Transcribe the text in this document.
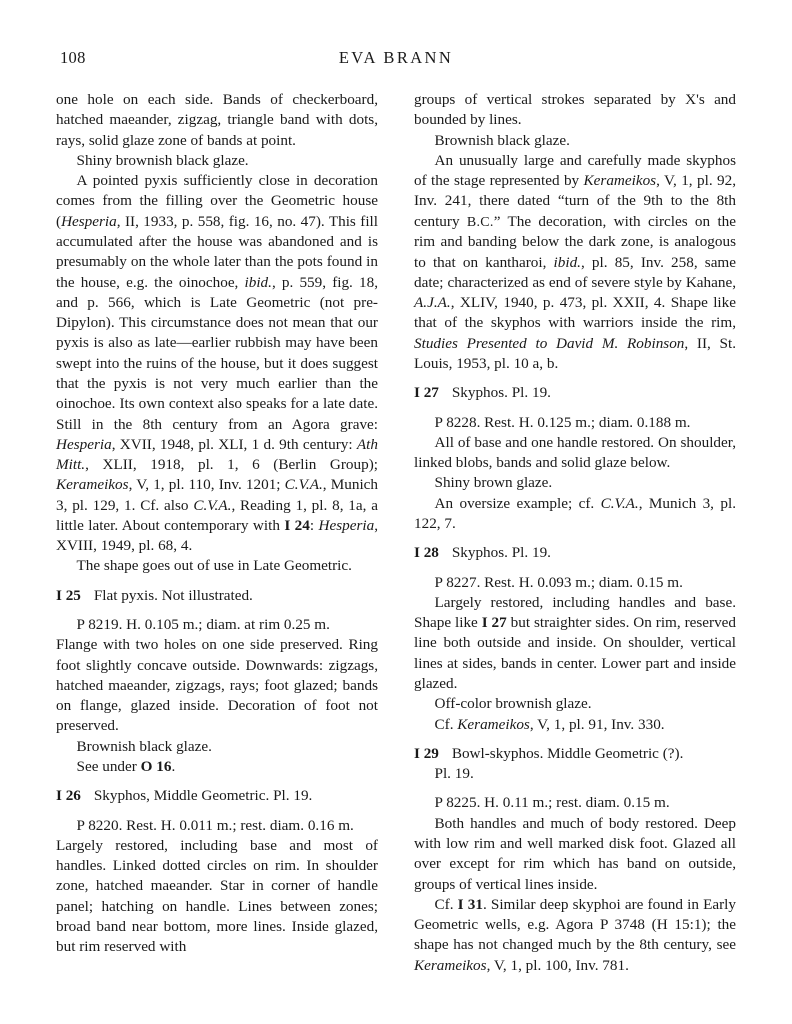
108	EVA BRANN

one hole on each side. Bands of checkerboard, hatched maeander, zigzag, triangle band with dots, rays, solid glaze zone of bands at point.

Shiny brownish black glaze.

A pointed pyxis sufficiently close in decoration comes from the filling over the Geometric house (Hesperia, II, 1933, p. 558, fig. 16, no. 47). This fill accumulated after the house was abandoned and is presumably on the whole later than the pots found in the house, e.g. the oinochoe, ibid., p. 559, fig. 18, and p. 566, which is Late Geometric (not pre-Dipylon). This circumstance does not mean that our pyxis is also as late—earlier rubbish may have been swept into the ruins of the house, but it does suggest that the pyxis is not very much earlier than the oinochoe. Its own context also speaks for a late date. Still in the 8th century from an Agora grave: Hesperia, XVII, 1948, pl. XLI, 1 d. 9th century: Ath Mitt., XLII, 1918, pl. 1, 6 (Berlin Group); Kerameikos, V, 1, pl. 110, Inv. 1201; C.V.A., Munich 3, pl. 129, 1. Cf. also C.V.A., Reading 1, pl. 8, 1a, a little later. About contemporary with I 24: Hesperia, XVIII, 1949, pl. 68, 4.

The shape goes out of use in Late Geometric.

I 25  Flat pyxis. Not illustrated.

P 8219. H. 0.105 m.; diam. at rim 0.25 m.

Flange with two holes on one side preserved. Ring foot slightly concave outside. Downwards: zigzags, hatched maeander, zigzags, rays; foot glazed; bands on flange, glazed inside. Decoration of foot not preserved.

Brownish black glaze.

See under O 16.

I 26  Skyphos, Middle Geometric. Pl. 19.

P 8220. Rest. H. 0.011 m.; rest. diam. 0.16 m.

Largely restored, including base and most of handles. Linked dotted circles on rim. In shoulder zone, hatched maeander. Star in corner of handle panel; hatching on handle. Lines between zones; broad band near bottom, more lines. Inside glazed, but rim reserved with

groups of vertical strokes separated by X's and bounded by lines.

Brownish black glaze.

An unusually large and carefully made skyphos of the stage represented by Kerameikos, V, 1, pl. 92, Inv. 241, there dated “turn of the 9th to the 8th century B.C.” The decoration, with circles on the rim and banding below the dark zone, is analogous to that on kantharoi, ibid., pl. 85, Inv. 258, same date; characterized as end of severe style by Kahane, A.J.A., XLIV, 1940, p. 473, pl. XXII, 4. Shape like that of the skyphos with warriors inside the rim, Studies Presented to David M. Robinson, II, St. Louis, 1953, pl. 10 a, b.

I 27  Skyphos. Pl. 19.

P 8228. Rest. H. 0.125 m.; diam. 0.188 m.

All of base and one handle restored. On shoulder, linked blobs, bands and solid glaze below.

Shiny brown glaze.

An oversize example; cf. C.V.A., Munich 3, pl. 122, 7.

I 28  Skyphos. Pl. 19.

P 8227. Rest. H. 0.093 m.; diam. 0.15 m.

Largely restored, including handles and base. Shape like I 27 but straighter sides. On rim, reserved line both outside and inside. On shoulder, vertical lines at sides, bands in center. Lower part and inside glazed.

Off-color brownish glaze.

Cf. Kerameikos, V, 1, pl. 91, Inv. 330.

I 29  Bowl-skyphos. Middle Geometric (?).

Pl. 19.

P 8225. H. 0.11 m.; rest. diam. 0.15 m.

Both handles and much of body restored. Deep with low rim and well marked disk foot. Glazed all over except for rim which has band on outside, groups of vertical lines inside.

Cf. I 31. Similar deep skyphoi are found in Early Geometric wells, e.g. Agora P 3748 (H 15:1); the shape has not changed much by the 8th century, see Kerameikos, V, 1, pl. 100, Inv. 781.
